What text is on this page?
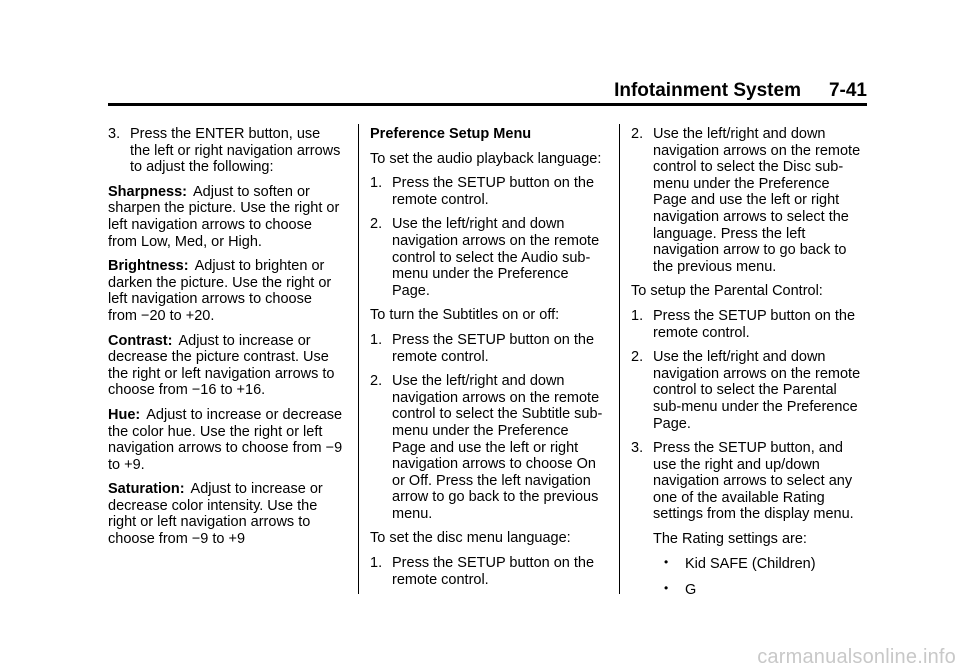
Infotainment System 7-41

3. Press the ENTER button, use the left or right navigation arrows to adjust the following:

Sharpness: Adjust to soften or sharpen the picture. Use the right or left navigation arrows to choose from Low, Med, or High.

Brightness: Adjust to brighten or darken the picture. Use the right or left navigation arrows to choose from −20 to +20.

Contrast: Adjust to increase or decrease the picture contrast. Use the right or left navigation arrows to choose from −16 to +16.

Hue: Adjust to increase or decrease the color hue. Use the right or left navigation arrows to choose from −9 to +9.

Saturation: Adjust to increase or decrease color intensity. Use the right or left navigation arrows to choose from −9 to +9

Preference Setup Menu

To set the audio playback language:

1. Press the SETUP button on the remote control.

2. Use the left/right and down navigation arrows on the remote control to select the Audio sub-menu under the Preference Page.

To turn the Subtitles on or off:

1. Press the SETUP button on the remote control.

2. Use the left/right and down navigation arrows on the remote control to select the Subtitle sub-menu under the Preference Page and use the left or right navigation arrows to choose On or Off. Press the left navigation arrow to go back to the previous menu.

To set the disc menu language:

1. Press the SETUP button on the remote control.

2. Use the left/right and down navigation arrows on the remote control to select the Disc sub-menu under the Preference Page and use the left or right navigation arrows to select the language. Press the left navigation arrow to go back to the previous menu.

To setup the Parental Control:

1. Press the SETUP button on the remote control.

2. Use the left/right and down navigation arrows on the remote control to select the Parental sub-menu under the Preference Page.

3. Press the SETUP button, and use the right and up/down navigation arrows to select any one of the available Rating settings from the display menu.

The Rating settings are:

• Kid SAFE (Children)

• G

carmanualsonline.info
